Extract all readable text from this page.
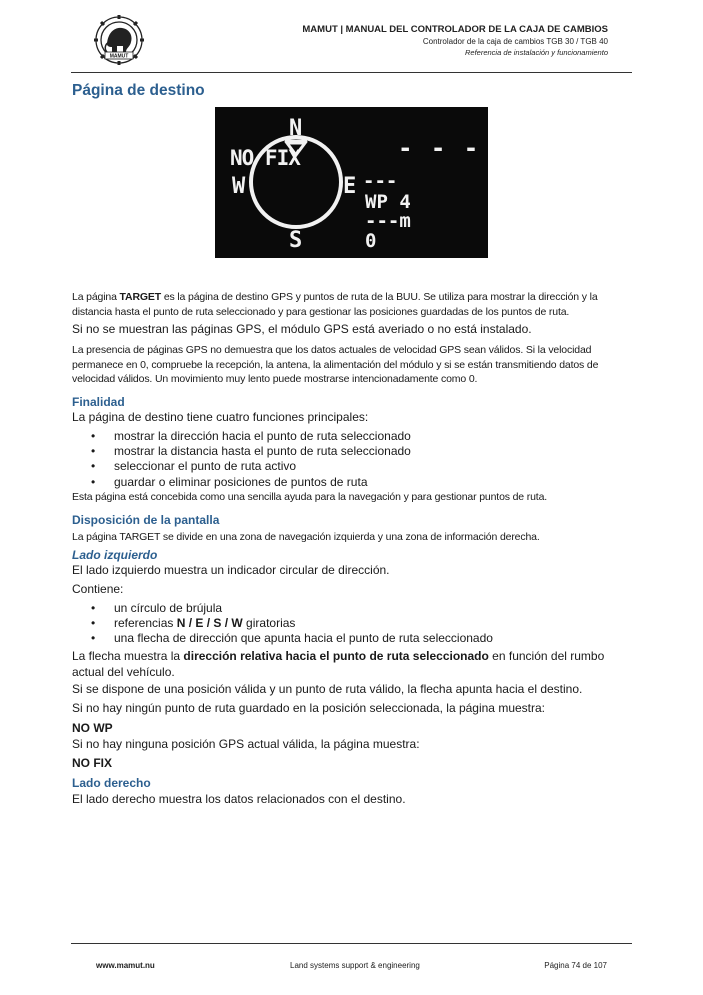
MAMUT
MAMUT | MANUAL DEL CONTROLADOR DE LA CAJA DE CAMBIOS
Controlador de la caja de cambios TGB 30 / TGB 40
Referencia de instalación y funcionamiento
Página de destino
N
S
W	E
NO FIX	- - -
---
WP 4
---m
0
La página TARGET es la página de destino GPS y puntos de ruta de la BUU. Se utiliza para mostrar la dirección y la distancia hasta el punto de ruta seleccionado y para gestionar las posiciones guardadas de los puntos de ruta.
Si no se muestran las páginas GPS, el módulo GPS está averiado o no está instalado.
La presencia de páginas GPS no demuestra que los datos actuales de velocidad GPS sean válidos. Si la velocidad permanece en 0, compruebe la recepción, la antena, la alimentación del módulo y si se están transmitiendo datos de velocidad válidos. Un movimiento muy lento puede mostrarse intencionadamente como 0.
Finalidad
La página de destino tiene cuatro funciones principales:
• mostrar la dirección hacia el punto de ruta seleccionado
• mostrar la distancia hasta el punto de ruta seleccionado
• seleccionar el punto de ruta activo
• guardar o eliminar posiciones de puntos de ruta
Esta página está concebida como una sencilla ayuda para la navegación y para gestionar puntos de ruta.
Disposición de la pantalla
La página TARGET se divide en una zona de navegación izquierda y una zona de información derecha.
Lado izquierdo
El lado izquierdo muestra un indicador circular de dirección.
Contiene:
• un círculo de brújula
• referencias N / E / S / W giratorias
• una flecha de dirección que apunta hacia el punto de ruta seleccionado
La flecha muestra la dirección relativa hacia el punto de ruta seleccionado en función del rumbo actual del vehículo.
Si se dispone de una posición válida y un punto de ruta válido, la flecha apunta hacia el destino.
Si no hay ningún punto de ruta guardado en la posición seleccionada, la página muestra:
NO WP
Si no hay ninguna posición GPS actual válida, la página muestra:
NO FIX
Lado derecho
El lado derecho muestra los datos relacionados con el destino.
www.mamut.nu	Land systems support & engineering	Página 74 de 107
